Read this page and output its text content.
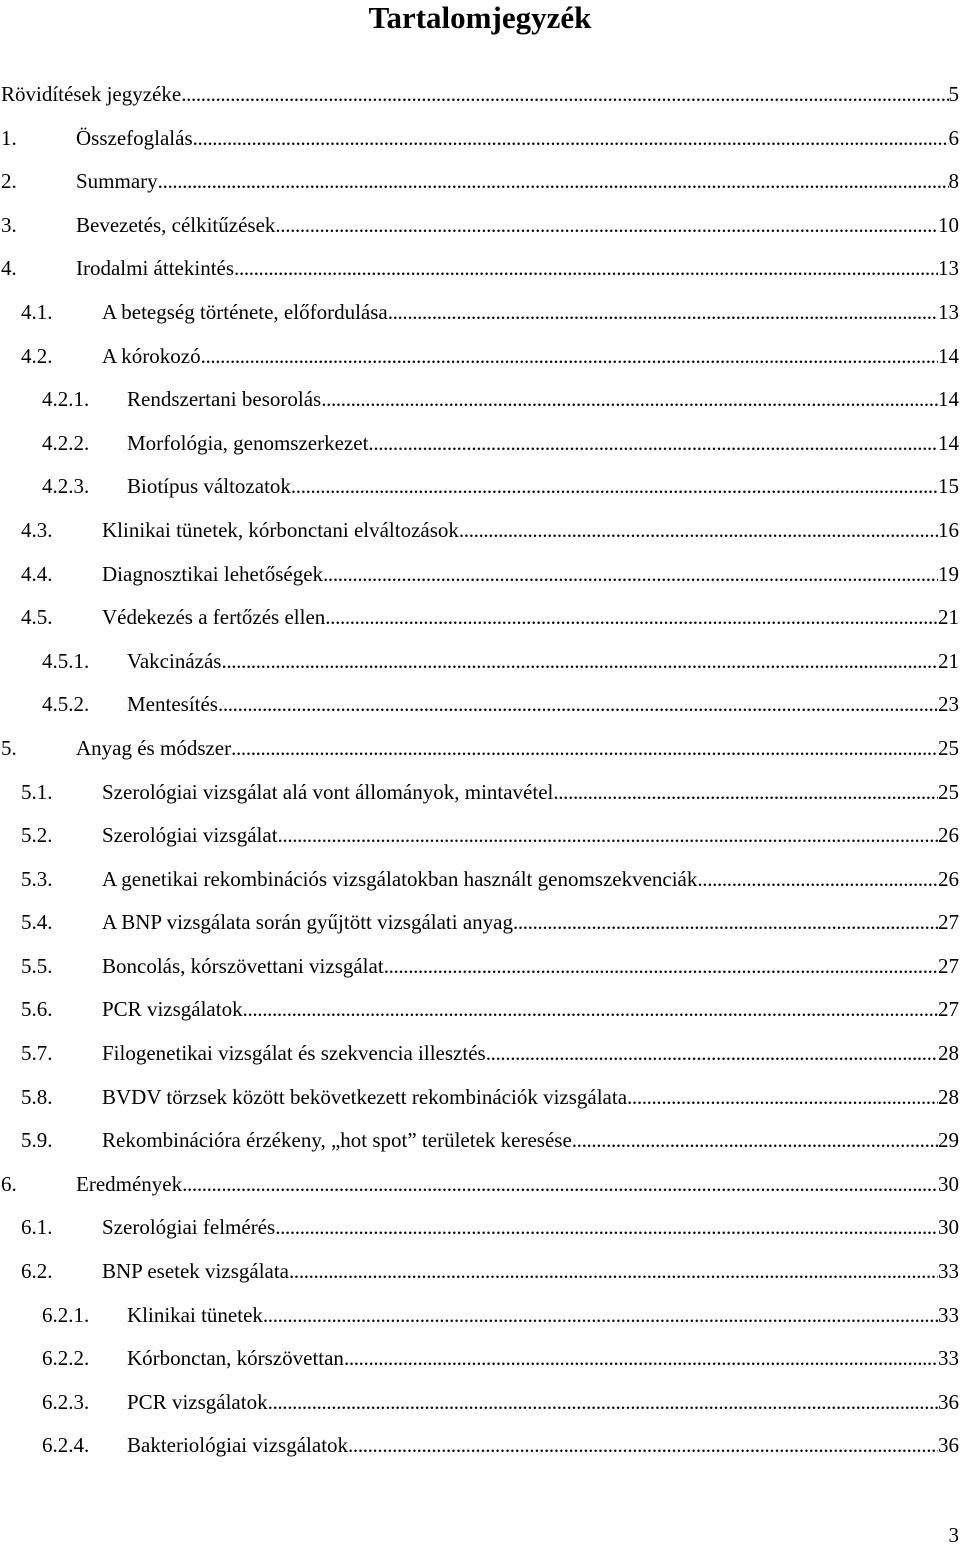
Tartalomjegyzék
Rövidítések jegyzéke . . .	5
1.	Összefoglalás . . .	6
2.	Summary . . .	8
3.	Bevezetés, célkitűzések . . .	10
4.	Irodalmi áttekintés . . .	13
4.1. A betegség története, előfordulása . . .	13
4.2. A kórokozó . . .	14
4.2.1. Rendszertani besorolás . . .	14
4.2.2. Morfológia, genomszerkezet . . .	14
4.2.3. Biotípus változatok . . .	15
4.3. Klinikai tünetek, kórbonctani elváltozások . . .	16
4.4. Diagnosztikai lehetőségek . . .	19
4.5. Védekezés a fertőzés ellen . . .	21
4.5.1. Vakcinázás . . .	21
4.5.2. Mentesítés . . .	23
5.	Anyag és módszer . . .	25
5.1. Szerológiai vizsgálat alá vont állományok, mintavétel . . .	25
5.2. Szerológiai vizsgálat . . .	26
5.3. A genetikai rekombinációs vizsgálatokban használt genomszekvenciák . . .	26
5.4. A BNP vizsgálata során gyűjtött vizsgálati anyag . . .	27
5.5. Boncolás, kórszövettani vizsgálat . . .	27
5.6. PCR vizsgálatok . . .	27
5.7. Filogenetikai vizsgálat és szekvencia illesztés . . .	28
5.8. BVDV törzsek között bekövetkezett rekombinációk vizsgálata . . .	28
5.9. Rekombinációra érzékeny, „hot spot” területek keresése . . .	29
6.	Eredmények . . .	30
6.1. Szerológiai felmérés . . .	30
6.2. BNP esetek vizsgálata . . .	33
6.2.1. Klinikai tünetek . . .	33
6.2.2. Kórbonctan, kórszövettan . . .	33
6.2.3. PCR vizsgálatok . . .	36
6.2.4. Bakteriológiai vizsgálatok . . .	36
3
